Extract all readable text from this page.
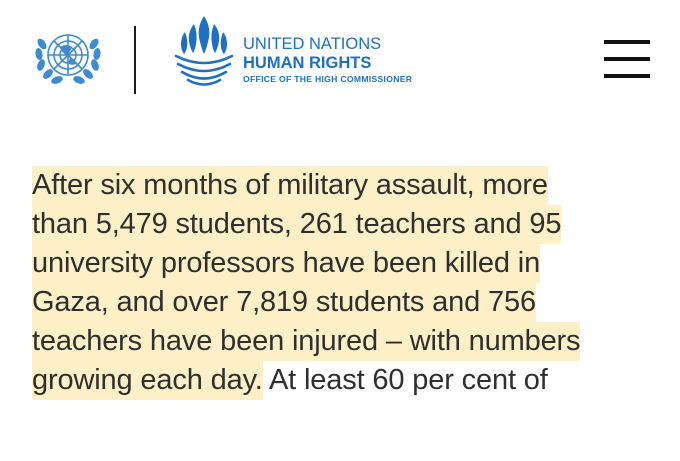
UNITED NATIONS
HUMAN RIGHTS
OFFICE OF THE HIGH COMMISSIONER

After six months of military assault, more
than 5,479 students, 261 teachers and 95
university professors have been killed in
Gaza, and over 7,819 students and 756
teachers have been injured – with numbers
growing each day. At least 60 per cent of
